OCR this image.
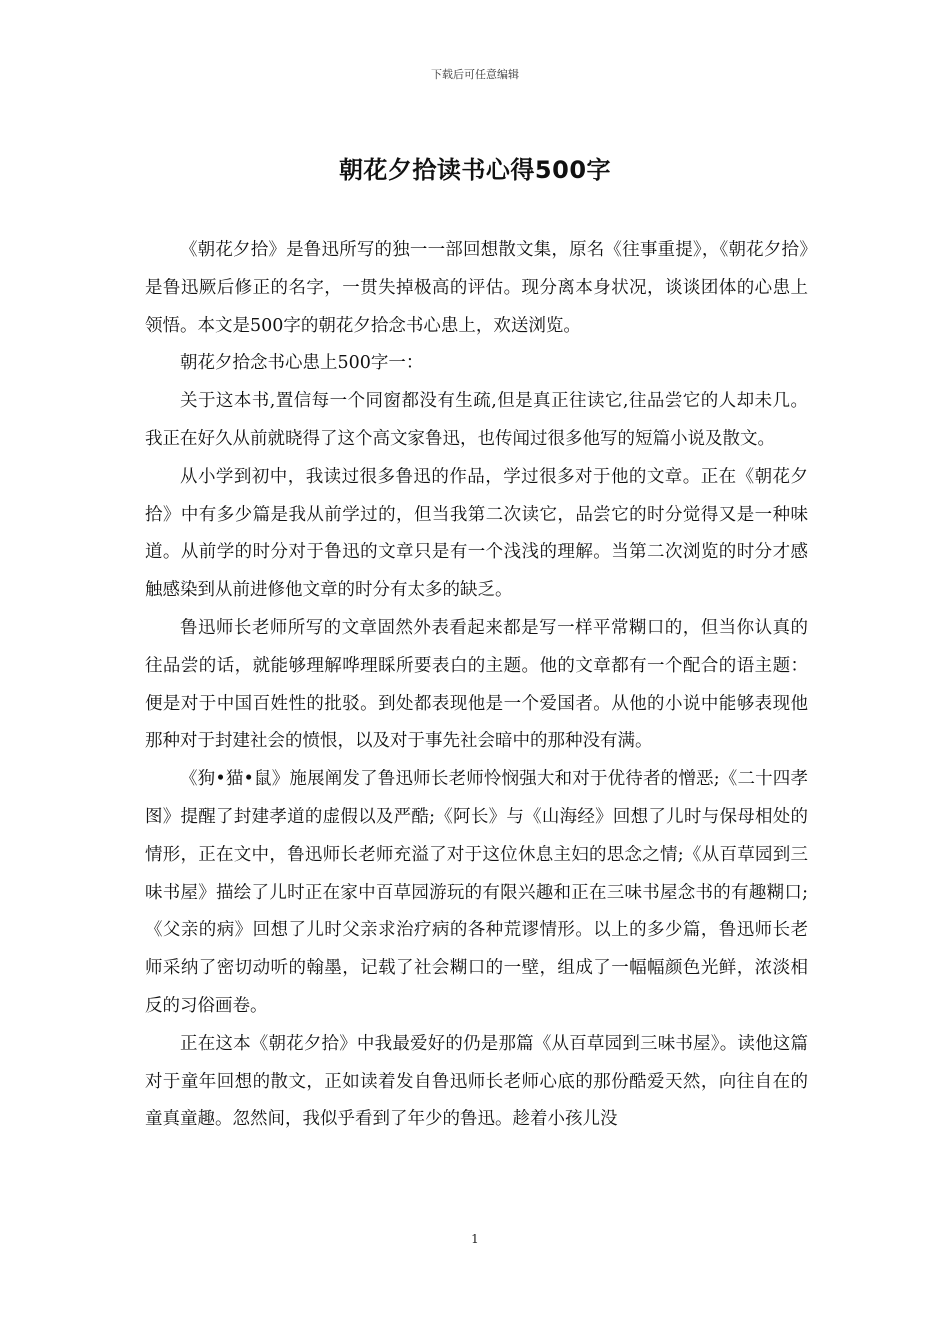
下载后可任意编辑
朝花夕拾读书心得500字

《朝花夕拾》是鲁迅所写的独一一部回想散文集，原名《往事重提》，《朝花夕拾》是鲁迅厥后修正的名字，一贯失掉极高的评估。现分离本身状况，谈谈团体的心患上领悟。本文是500字的朝花夕拾念书心患上，欢送浏览。

朝花夕拾念书心患上500字一：

关于这本书,置信每一个同窗都没有生疏,但是真正往读它,往品尝它的人却未几。我正在好久从前就晓得了这个高文家鲁迅，也传闻过很多他写的短篇小说及散文。

从小学到初中，我读过很多鲁迅的作品，学过很多对于他的文章。正在《朝花夕拾》中有多少篇是我从前学过的，但当我第二次读它，品尝它的时分觉得又是一种味道。从前学的时分对于鲁迅的文章只是有一个浅浅的理解。当第二次浏览的时分才感触感染到从前进修他文章的时分有太多的缺乏。

鲁迅师长老师所写的文章固然外表看起来都是写一样平常糊口的，但当你认真的往品尝的话，就能够理解哗理睬所要表白的主题。他的文章都有一个配合的语主题：便是对于中国百姓性的批驳。到处都表现他是一个爱国者。从他的小说中能够表现他那种对于封建社会的愤恨，以及对于事先社会暗中的那种没有满。

《狗•猫•鼠》施展阐发了鲁迅师长老师怜悯强大和对于优待者的憎恶;《二十四孝图》提醒了封建孝道的虚假以及严酷;《阿长》与《山海经》回想了儿时与保母相处的情形，正在文中，鲁迅师长老师充溢了对于这位休息主妇的思念之情;《从百草园到三味书屋》描绘了儿时正在家中百草园游玩的有限兴趣和正在三味书屋念书的有趣糊口;《父亲的病》回想了儿时父亲求治疗病的各种荒谬情形。以上的多少篇，鲁迅师长老师采纳了密切动听的翰墨，记载了社会糊口的一壁，组成了一幅幅颜色光鲜，浓淡相反的习俗画卷。

正在这本《朝花夕拾》中我最爱好的仍是那篇《从百草园到三味书屋》。读他这篇对于童年回想的散文，正如读着发自鲁迅师长老师心底的那份酷爱天然，向往自在的童真童趣。忽然间，我似乎看到了年少的鲁迅。趁着小孩儿没

1
